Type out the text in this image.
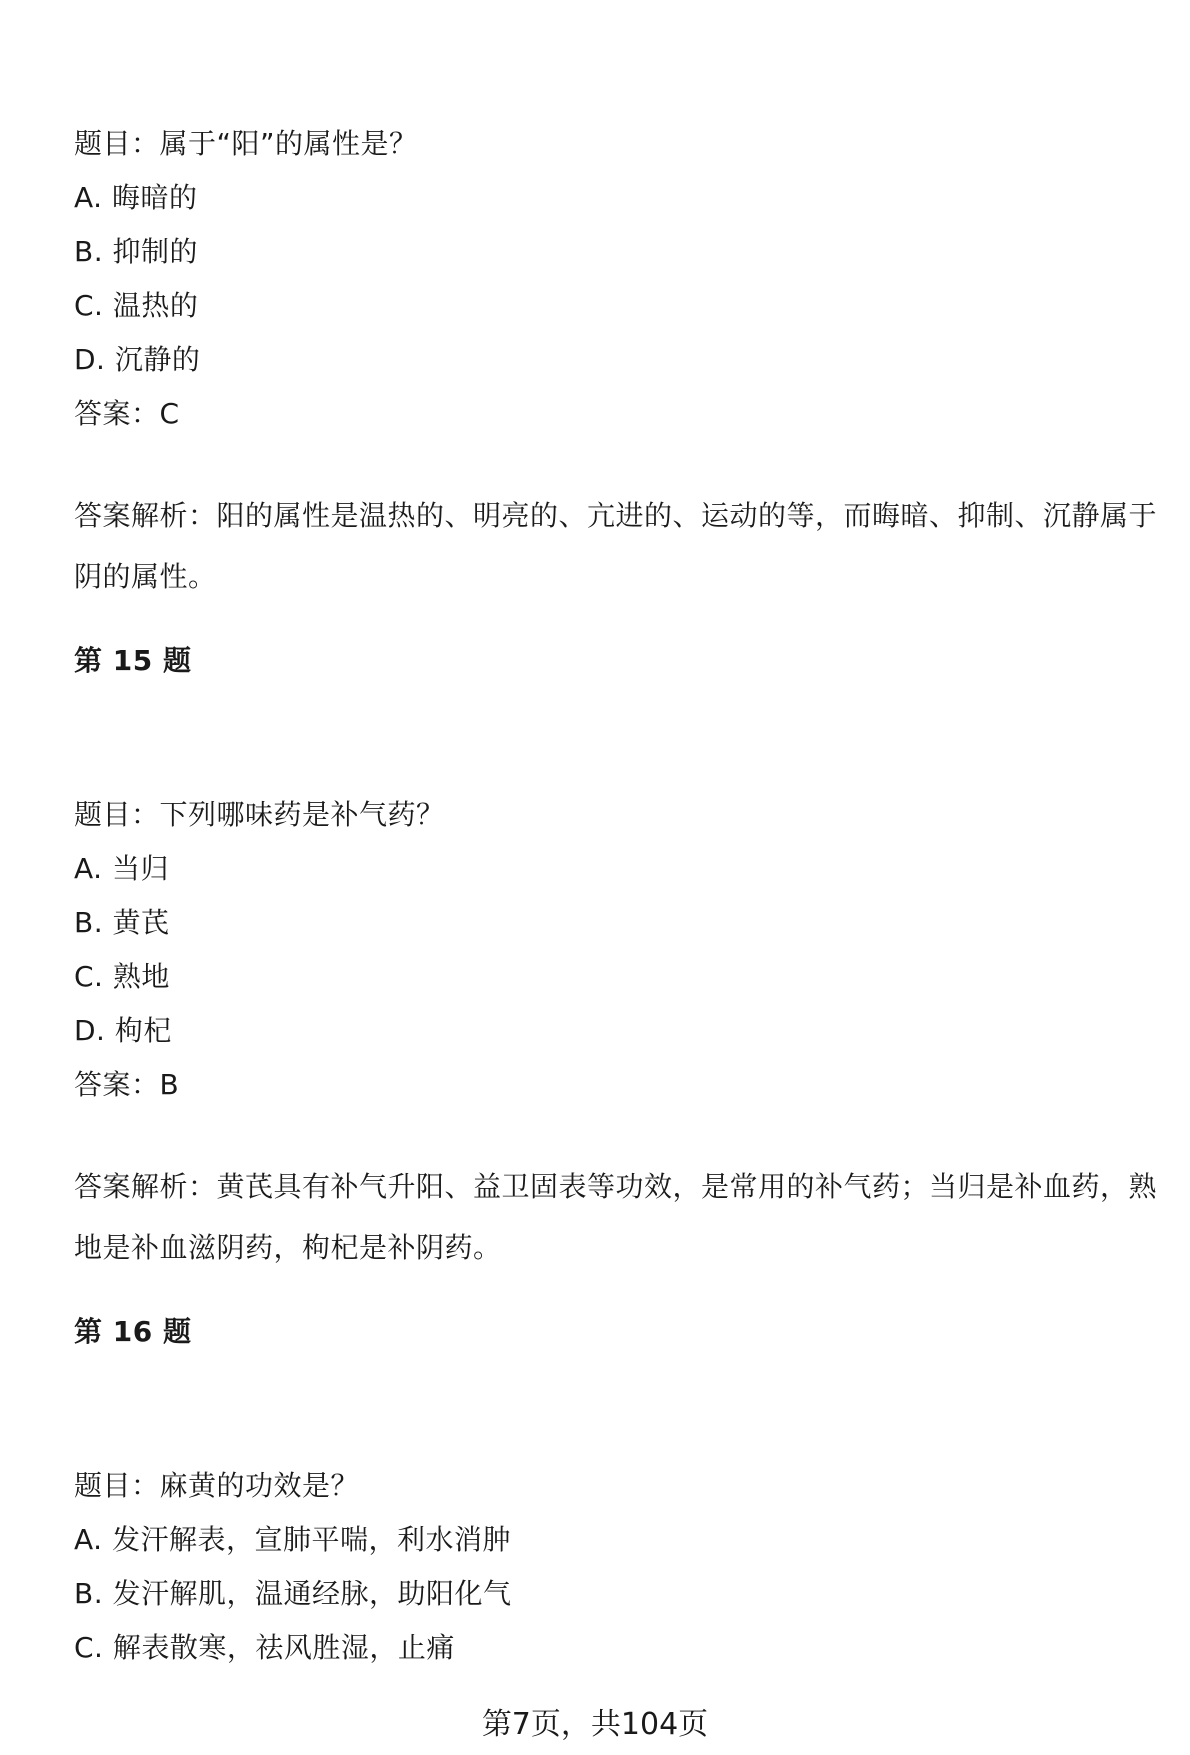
题目：属于“阳”的属性是？
A. 晦暗的
B. 抑制的
C. 温热的
D. 沉静的
答案：C
答案解析：阳的属性是温热的、明亮的、亢进的、运动的等，而晦暗、抑制、沉静属于阴的属性。
第 15 题
题目：下列哪味药是补气药？
A. 当归
B. 黄芪
C. 熟地
D. 枸杞
答案：B
答案解析：黄芪具有补气升阳、益卫固表等功效，是常用的补气药；当归是补血药，熟地是补血滋阴药，枸杞是补阴药。
第 16 题
题目：麻黄的功效是？
A. 发汗解表，宣肺平喘，利水消肿
B. 发汗解肌，温通经脉，助阳化气
C. 解表散寒，祛风胜湿，止痛
第7页，共104页
